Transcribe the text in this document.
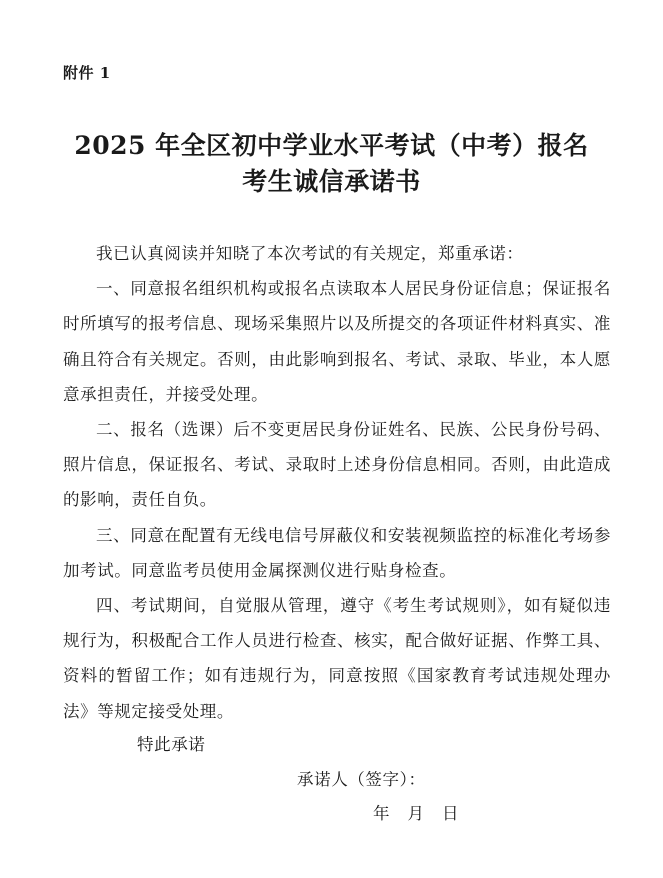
附件 1
2025 年全区初中学业水平考试（中考）报名
考生诚信承诺书

我已认真阅读并知晓了本次考试的有关规定，郑重承诺：

一、同意报名组织机构或报名点读取本人居民身份证信息；保证报名时所填写的报考信息、现场采集照片以及所提交的各项证件材料真实、准确且符合有关规定。否则，由此影响到报名、考试、录取、毕业，本人愿意承担责任，并接受处理。

二、报名（选课）后不变更居民身份证姓名、民族、公民身份号码、照片信息，保证报名、考试、录取时上述身份信息相同。否则，由此造成的影响，责任自负。

三、同意在配置有无线电信号屏蔽仪和安装视频监控的标准化考场参加考试。同意监考员使用金属探测仪进行贴身检查。

四、考试期间，自觉服从管理，遵守《考生考试规则》，如有疑似违规行为，积极配合工作人员进行检查、核实，配合做好证据、作弊工具、资料的暂留工作；如有违规行为，同意按照《国家教育考试违规处理办法》等规定接受处理。

特此承诺
承诺人（签字）：
年 月 日
